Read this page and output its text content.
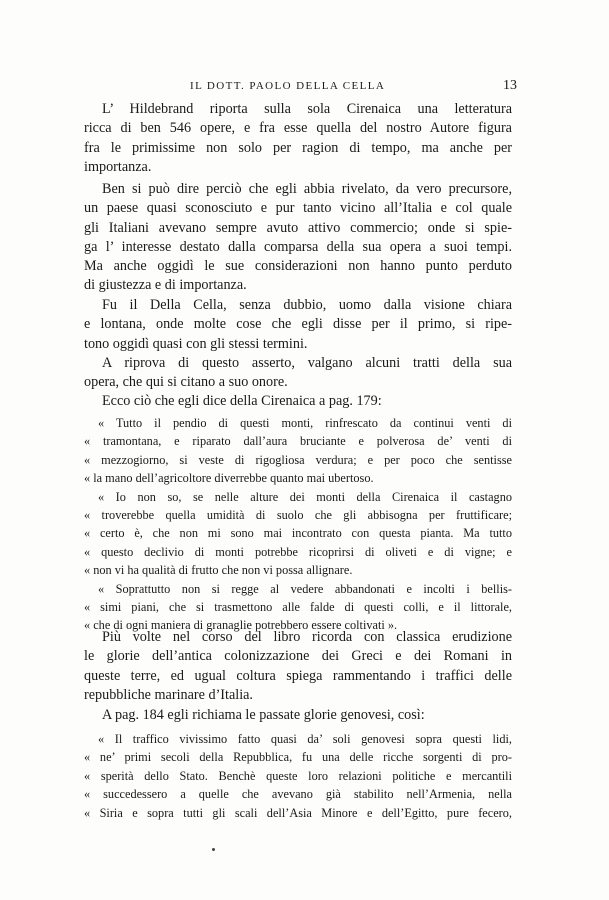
IL DOTT. PAOLO DELLA CELLA	13
L’ Hildebrand riporta sulla sola Cirenaica una letteratura
ricca di ben 546 opere, e fra esse quella del nostro Autore figura
fra le primissime non solo per ragion di tempo, ma anche per
importanza.
Ben si può dire perciò che egli abbia rivelato, da vero precursore,
un paese quasi sconosciuto e pur tanto vicino all’Italia e col quale
gli Italiani avevano sempre avuto attivo commercio; onde si spie-
ga l’ interesse destato dalla comparsa della sua opera a suoi tempi.
Ma anche oggidì le sue considerazioni non hanno punto perduto
di giustezza e di importanza.
Fu il Della Cella, senza dubbio, uomo dalla visione chiara
e lontana, onde molte cose che egli disse per il primo, si ripe-
tono oggidì quasi con gli stessi termini.
A riprova di questo asserto, valgano alcuni tratti della sua
opera, che qui si citano a suo onore.
Ecco ciò che egli dice della Cirenaica a pag. 179:
« Tutto il pendio di questi monti, rinfrescato da continui venti di
« tramontana, e riparato dall’aura bruciante e polverosa de’ venti di
« mezzogiorno, si veste di rigogliosa verdura; e per poco che sentisse
« la mano dell’agricoltore diverrebbe quanto mai ubertoso.
« Io non so, se nelle alture dei monti della Cirenaica il castagno
« troverebbe quella umidità di suolo che gli abbisogna per fruttificare;
« certo è, che non mi sono mai incontrato con questa pianta. Ma tutto
« questo declivio di monti potrebbe ricoprirsi di oliveti e di vigne; e
« non vi ha qualità di frutto che non vi possa allignare.
« Soprattutto non si regge al vedere abbandonati e incolti i bellis-
« simi piani, che si trasmettono alle falde di questi colli, e il littorale,
« che di ogni maniera di granaglie potrebbero essere coltivati ».
Più volte nel corso del libro ricorda con classica erudizione
le glorie dell’antica colonizzazione dei Greci e dei Romani in
queste terre, ed ugual coltura spiega rammentando i traffici delle
repubbliche marinare d’Italia.
A pag. 184 egli richiama le passate glorie genovesi, così:
« Il traffico vivissimo fatto quasi da’ soli genovesi sopra questi lidi,
« ne’ primi secoli della Repubblica, fu una delle ricche sorgenti di pro-
« sperità dello Stato. Benchè queste loro relazioni politiche e mercantili
« succedessero a quelle che avevano già stabilito nell’Armenia, nella
« Siria e sopra tutti gli scali dell’Asia Minore e dell’Egitto, pure fecero,
